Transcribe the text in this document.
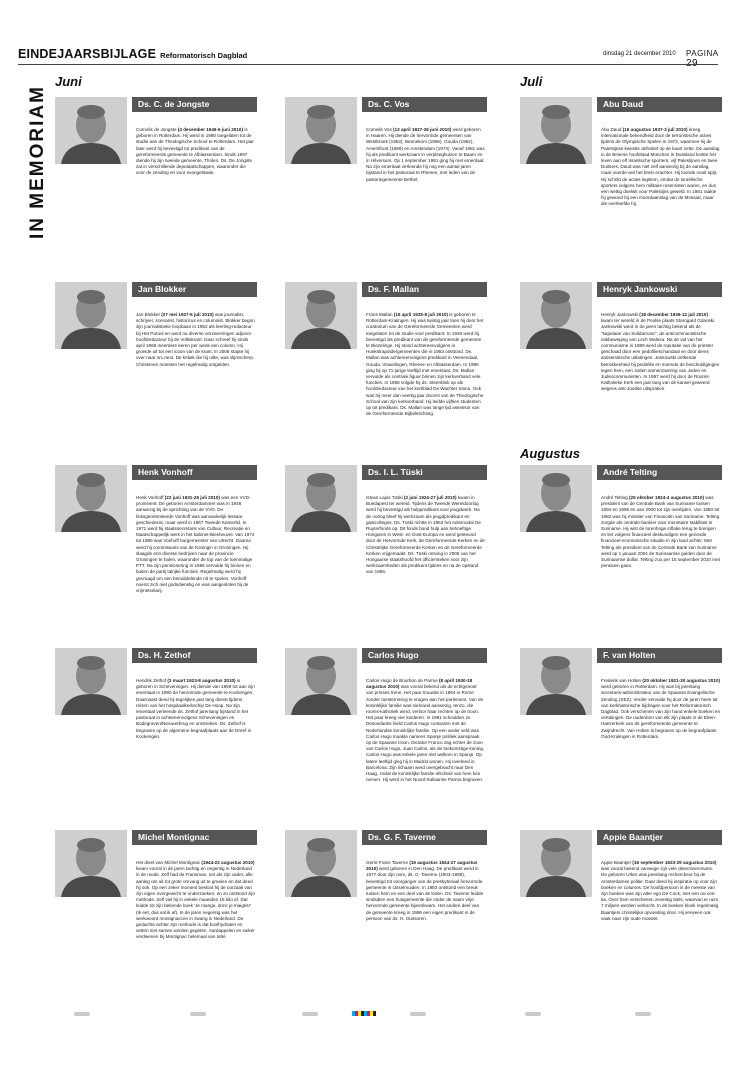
EINDEJAARSBIJLAGE Reformatorisch Dagblad	dinsdag 21 december 2010 PAGINA
IN MEMORIAM
Juni	Juli
Augustus
Ds. C. de Jongste
Cornelis de Jongste (4 december 1946-6 juni 2010) is geboren in Rotterdam. Hij werd in 1980 toegelaten tot de studie aan de Theologische School te Rotterdam. Het jaar later werd hij bevestigd tot predikant van de gereformeerde gemeente te Alblasserdam. Sinds 1997 diende hij zijn tweede gemeente, Tholen. Ds. De Jongste zat in verschillende deputaatschappen, waaronder die voor de zending en voor evangelisatie.
Ds. C. Vos
Cornelis Vos (13 april 1927-26 juni 2010) werd geboren in Haaren. Hij diende de hervormde gemeenten van Westbroek (1952), Bennekom (1956), Gouda (1962), Amersfoort (1969) en Amstendam (1974). Vanaf 1981 was hij als predikant werkzaam in verpleeghuizen te Baarn en in Hilversum. Op 1 september 1991 ging hij met emeritaat. Na zijn emeritaat verleende hij nog een aantal jaren bijstand in het pastoraat te Rhenen, met leden van de pastoriegemeente Bethel.
Abu Daud
Abu Daud (16 augustus 1937-3 juli 2010) kreeg internationale bekendheid door de terroristische acties tijdens de Olympische Spelen in 1972, waarmee hij de Palestijnse kwestie definitief op de kaart zette. De aanslag in de Beierse hoofdstad München in Duitsland kostte het leven aan elf Israëlische sporters, vijf Palestijnen en twee Duitsers. Daud was niet zelf aanwezig bij de aanslag, maar voerde wel het brein erachter. Hij toonde nooit spijt. Hij schrikt de acties legitiem, omdat de Israëlische sporters volgens hem militaire reservisten waren, en dus een wettig doelwit voor Palestijns geweld. In 1981 raakte hij gewond bij een moordaanslag van de Mossad, maar die overleefde hij.
Jan Blokker
Jan Blokker (27 mei 1927-6 juli 2010) was journalist, schrijver, scenarist, historicus en columnist. Blokker begon zijn journalistieke loopbaan in 1952 als leerling-redacteur bij Het Parool en werd na diverse omzwervingen adjunct-hoofdredacteur bij de Volkskrant. Daar schreef hij sinds april 1968 meerdere keren per week een column. Hij groeide uit tot een icoon van de krant. In 2006 stapte hij over naar nrc.next. De kritiek die hij uitte, was vlijmscherp. Christenen moesten het regelmatig ontgelden.
Ds. F. Mallan
Frans Mallan (15 april 1925-8 juli 2010) is geboren te Rotterdam-Kralingen. Hij was twintig jaar toen hij door het curatorium van de Gereformeerde Gemeenten werd toegelaten tot de studie voor predikant. In 1948 werd hij bevestigd als predikant van de gereformeerde gemeente te Biezelinge. Hij stond achtereenvolgens in Hoekstrapoldergemeenten die in 1953 ontstond. Ds. Mallan was achtereenvolgens predikant in Veenendaal, Gouda, Vlaardingen, Rhenen en Alblasserdam. In 1996 ging hij op 71-jarige leeftijd met emeritaat. Ds. Mallan vervulde als centrale figuur binnen zijn kerkverband vele functies. In 1966 volgde hij ds. Steenblok op als hoofdredacteur van het kerkblad De Wachter Sions. Ook was hij meer dan veertig jaar docent van de Theologische School van zijn kerkverband. Hij leidde vijftien studenten op tot predikant. Ds. Mallan was lange tijd assessor van de Gereformeerde Bijbelstichting.
Henryk Jankowski
Henryk Jankowski (18 december 1936-12 juli 2010) kwam ter wereld in de Poolse plaats Starogard Gdanski. Jankowski werd in de jaren tachtig bekend als de "kapelaan van Solidarnosc", de anticommunistische vakbeweging van Lech Walesa. Na de val van het communisme in 1989 werd de reputatie van de priester geschaad door een pedofilieschandaal en door diens antisemitische uitlatingen. Jankowski ontkende betrokkenheid bij pedofilie en noemde de beschuldigingen tegen hem, een Joden samenzwering van Joden en Judeocommunisten. In 1997 werd hij door de Rooms-Katholieke Kerk een jaar lang van de kansel geweerd wegens anti-Joodse uitspraken.
Henk Vonhoff
Henk Vonhoff (22 juni 1931-25 juli 2010) was een VVD-prominent. De geboren Amsterdammer was in 1948 aanwezig bij de oprichting van de VVD. De linksgeoriënteerde Vonhoff was aanvankelijk lessaar geschiedenis, maar werd in 1967 Tweede Kamerlid. In 1971 werd hij staatssecretaris van Cultuur, Recreatie en Maatschappelijk werk in het kabinet-Biesheuvel. Van 1974 tot 1980 was Vonhoff burgemeester van Utrecht. Daarna werd hij commissaris van de Koningin in Groningen. Hij slaagde erin diverse bedrijven naar de provincie Groningen te halen, waaronder de top van de toenmalige PTT. Na zijn pensionering in 1996 vervulde hij binnen en buiten de partij talrijke functies. Regelmatig werd hij gevraagd om een bemiddelende rol te spelen. Vonhoff noemt zich niet godsdienstig en was aangesloten bij de vrijmetselarij.
Ds. I. L. Tüski
Istvan Lajos Tüski (2 juni 1924-27 juli 2010) kwam in Boedapest ter wereld. Tijdens de Tweede Wereldoorlog werd hij bevestigd als hulppredikant voor jeugdwerk. Na de oorlog bleef hij werkzaam als jeugdpredikant en gastcolleges. Ds. Tüski richtte in 1953 het Adminodal De Ruyterfonds op. Dit fonds bood hulp aan behoeftige Hongaren in West- en Oost-Europa en werd gesteund door de Hervormde Kerk, de Gereformeerde Kerken en de Christelijke Gereformeerde Kerken en de Gereformeerde Kerken vrijgemaakt. Ds. Tüski ontving in 2006 van het Hongaarse staatshoofd het officiersteken voor zijn werkzaamheden als predikant tijdens en na de opstand van 1956.
André Telting
André Telting (25 oktober 1924-4 augustus 2010) was president van de Centrale Bank van Suriname tussen 1994 en 1996 en van 2000 tot zijn overlijden. Van 1980 tot 1982 was hij minister van Financiën van Suriname. Telting zorgde als centrale-bankier voor monetaire stabiliteit in Suriname. Hij wist de torenhoge inflatie terug te brengen en liet volgens financieel deskundigen een gezonde financieel-economische situatie in zijn land achter. Met Telting als president van de Centrale Bank van Suriname werd op 1 januari 2004 de Surinaamse gulden door de Surinaamse dollar. Telting zou per 15 september 2010 met pensioen gaan.
Ds. H. Zethof
Hendrik Zethof (3 maart 1923-8 augustus 2010) is geboren in Scheveningen. Hij diende van 1959 tot aan zijn emeritaat in 1990 de hervormde gemeente te Kockengen. Daarnaast deed hij tegelijken jaar lang dienst tijdens reizen van het hospitaalkerkschip De Hoop. Na zijn emeritaat verleende ds. Zethof jarenlang bijstand in het pastoraat in achtereenvolgens Scheveningen en Bodegraven/Nieuwerbrug en omstreken. Ds. Zethof is begraven op de algemene begraafplaats aan de Dreef in Kockengen.
Carlos Hugo
Carlos Hugo de Bourbon de Parme (8 april 1930-18 augustus 2010) was vooral bekend als de echtgenoot van prinses Irene. Het paar trouwde in 1964 in Rome zonder toestemming te vragen aan het parlement. Van de koninklijke familie was niemand aanwezig, tenzo, die rooms-katholiek werd, verloor haar rechten op de troon. Het paar kreeg vier kinderen. In 1981 scheidden ze. Desondanks hield Carlos Hugo contacten met de Nederlandse koninklijke familie. Op een ander veld was Carlos Hugo maakte namens Spanje politiek aanspraak op de Spaanse troon. Dictator Franco zag echter de zoon van Carlos Hugo, Juan Carlos, als de toekomstige koning. Carlos Hugo was enkele jaren niet welkom in Spanje. Op latere leeftijd ging hij in Madrid wonen. Hij overleed in Barcelona. Zijn lichaam werd overgebracht naar Den Haag, zodat de koninklijke familie afscheid van hem kon nemen. Hij werd in het Noord-Italiaanse Parma begraven.
F. van Holten
Frederik van Holten (20 oktober 1921-30 augustus 2010) werd geboren in Rotterdam. Hij was bij jarenlang secretaris-administrateur van de Spaanse Evangelische Zending (SEZ). Verder vervulde hij door de jaren heen tal van kerkhistorische bijdragen voor het Reformatorisch Dagblad. Ook verschenen van zijn hand enkele boeken en vertalingen. De ouderdom van elk zijn plaats in de Eben-Haëzerkerk van de gereformeerde gemeente te Zwijndrecht. Van Holten is begraven op de begraafplaats Oud-Kralingen in Rotterdam.
Michel Montignac
Het dieet van Michel Montignac (1944-22 augustus 2010) kwam vooral in de jaren tachtig en negentig in Nederland in de mode. Zelf had de Fransman, net als zijn vader, alle aanleg om uit tot grote omvang uit te groeien en dat deed hij ook. Op een zeker moment besloot hij de oorzaak van zijn eigen overgewicht te onderzoeken, en zo ontstond zijn methode. Zelf viel hij in enkele maanden 15 kilo af. Dat leidde tot zijn bekende boek 'Je mange, donc je maigris!' (Ik eet, dus val ik af). In de jaren negentig was het werkwoord montignaccen in zwang in Nederland. De gedachte achter zijn methode is dat koolhydraten en vetten niet samen worden gegeten. Aardappelen en suiker verdwenen bij Montignac helemaal van tafel.
Ds. G. F. Taverne
Gerrit Frans Taverne (16 augustus 1944-27 augustus 2010) werd geboren in Den Haag. De predikant werd in 1977 door zijn oom, ds. G. Taverne (1903-1998), bevestigd tot voorganger van de presbyteriaal hervormde gemeente in IJsselmuiden. In 1983 ontstond een breuk tussen hem en een deel van de leden. Ds. Taverne leidde sindsdien een huisgemeente die onder de naam vrije hervormde gemeente bijeenkwam. Het andere deel van de gemeente kreeg in 1986 een eigen predikant in de persoon van ds. H. Oussoren.
Appie Baantjer
Appie Baantjer (16 september 1923-29 augustus 2010) was vooral bekend vanwege zijn vele detectiveromans. De geboren Urker was jarenlang rechercheur bij de Amsterdamse politie. Daar deed hij inspiratie op voor zijn boeken en columns. De hoofdpersoon in de meeste van zijn boeken was zijn alter ego De Cock, met een oo-cee-ka. Over hem verschenen zeventig titels, waarvan er ruim 7 miljoen werden verkocht. In de boeken klonk regelmatig Baantjers christelijke opvoeding door. Hij verwees ook vaak naar zijn oude moeder.
